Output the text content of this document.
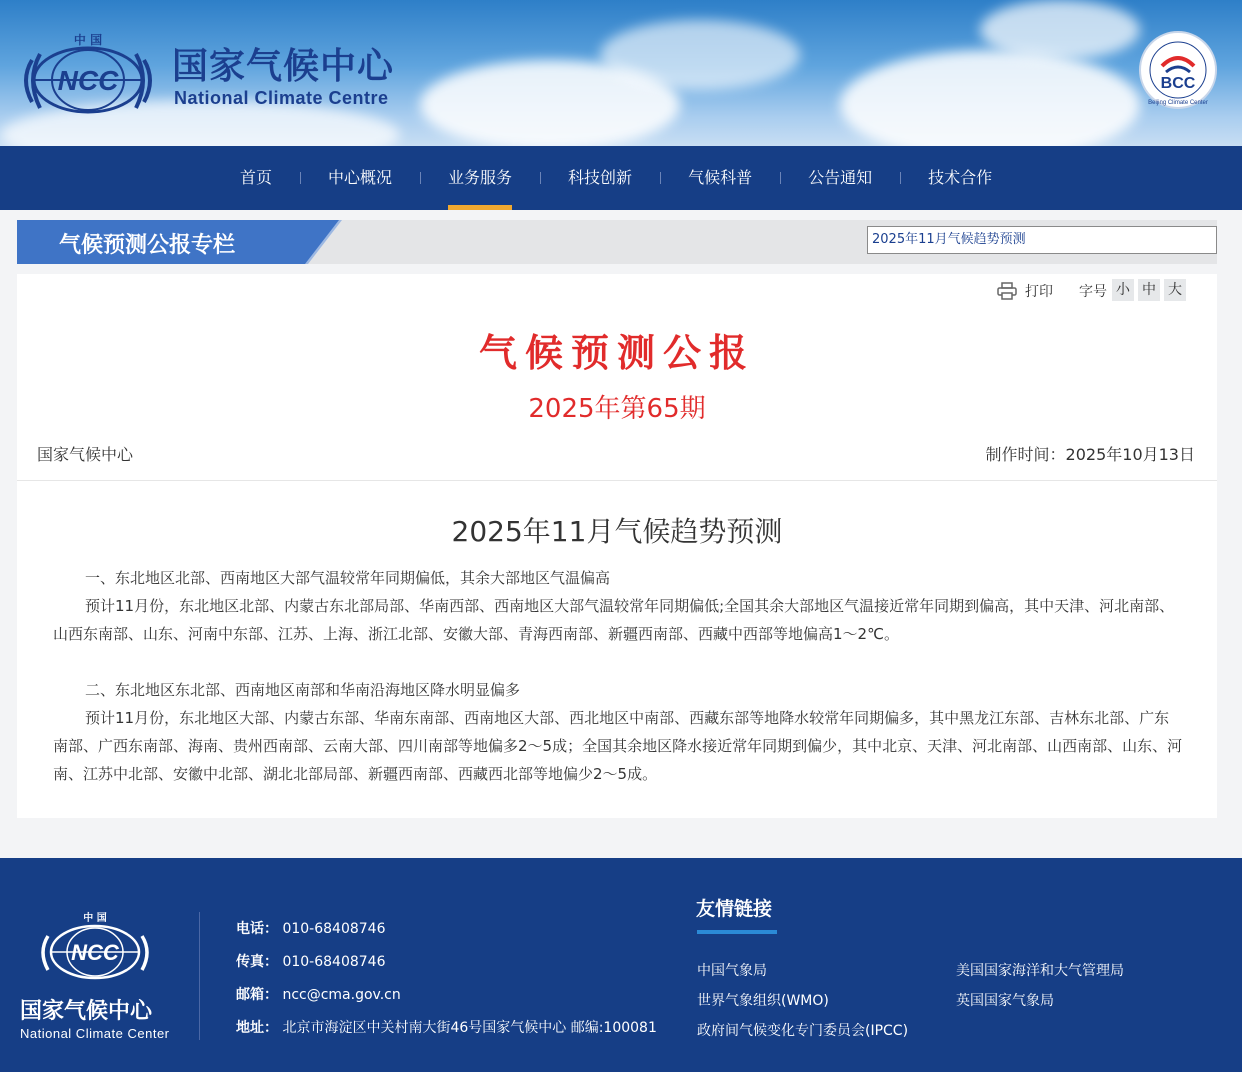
NCC
中 国
国家气候中心
National Climate Centre
BCC
Beijing Climate Center
首页	中心概况	业务服务	科技创新	气候科普	公告通知	技术合作
气候预测公报专栏	2025年11月气候趋势预测
打印 字号 小 中 大
气候预测公报
2025年第65期
国家气候中心	制作时间：2025年10月13日
2025年11月气候趋势预测
一、东北地区北部、西南地区大部气温较常年同期偏低，其余大部地区气温偏高
预计11月份，东北地区北部、内蒙古东北部局部、华南西部、西南地区大部气温较常年同期偏低;全国其余大部地区气温接近常年同期到偏高，其中天津、河北南部、山西东南部、山东、河南中东部、江苏、上海、浙江北部、安徽大部、青海西南部、新疆西南部、西藏中西部等地偏高1～2℃。
二、东北地区东北部、西南地区南部和华南沿海地区降水明显偏多
预计11月份，东北地区大部、内蒙古东部、华南东南部、西南地区大部、西北地区中南部、西藏东部等地降水较常年同期偏多，其中黑龙江东部、吉林东北部、广东南部、广西东南部、海南、贵州西南部、云南大部、四川南部等地偏多2～5成；全国其余地区降水接近常年同期到偏少，其中北京、天津、河北南部、山西南部、山东、河南、江苏中北部、安徽中北部、湖北北部局部、新疆西南部、西藏西北部等地偏少2～5成。
NCC
中 国
国家气候中心
National Climate Center
电话： 010-68408746
传真： 010-68408746
邮箱： ncc@cma.gov.cn
地址： 北京市海淀区中关村南大街46号国家气候中心 邮编:100081
友情链接
中国气象局	美国国家海洋和大气管理局
世界气象组织(WMO)	英国国家气象局
政府间气候变化专门委员会(IPCC)
